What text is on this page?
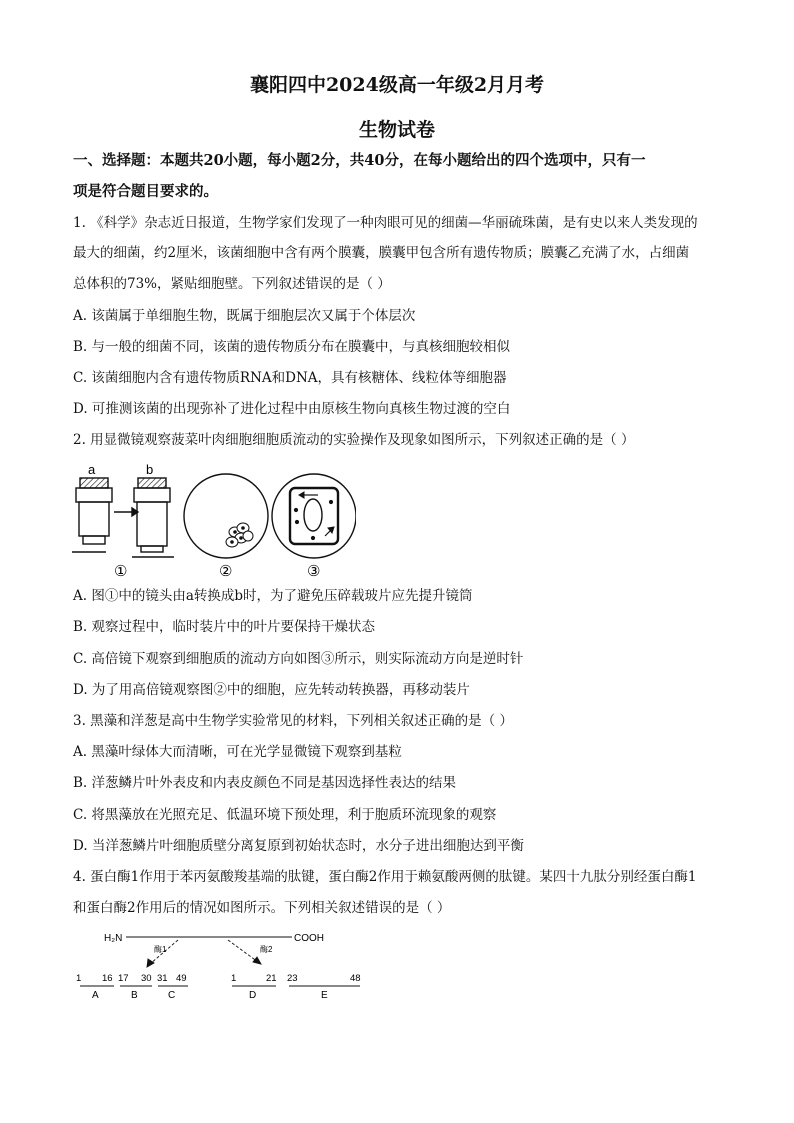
襄阳四中2024级高一年级2月月考
生物试卷
一、选择题：本题共20小题，每小题2分，共40分，在每小题给出的四个选项中，只有一
项是符合题目要求的。
1. 《科学》杂志近日报道，生物学家们发现了一种肉眼可见的细菌—华丽硫珠菌，是有史以来人类发现的
最大的细菌，约2厘米，该菌细胞中含有两个膜囊，膜囊甲包含所有遗传物质；膜囊乙充满了水，占细菌
总体积的73%，紧贴细胞壁。下列叙述错误的是（ ）
A. 该菌属于单细胞生物，既属于细胞层次又属于个体层次
B. 与一般的细菌不同，该菌的遗传物质分布在膜囊中，与真核细胞较相似
C. 该菌细胞内含有遗传物质RNA和DNA，具有核糖体、线粒体等细胞器
D. 可推测该菌的出现弥补了进化过程中由原核生物向真核生物过渡的空白
2. 用显微镜观察菠菜叶肉细胞细胞质流动的实验操作及现象如图所示，下列叙述正确的是（ ）
a	b
①	②	③
A. 图①中的镜头由a转换成b时，为了避免压碎载玻片应先提升镜筒
B. 观察过程中，临时装片中的叶片要保持干燥状态
C. 高倍镜下观察到细胞质的流动方向如图③所示，则实际流动方向是逆时针
D. 为了用高倍镜观察图②中的细胞，应先转动转换器，再移动装片
3. 黑藻和洋葱是高中生物学实验常见的材料，下列相关叙述正确的是（ ）
A. 黑藻叶绿体大而清晰，可在光学显微镜下观察到基粒
B. 洋葱鳞片叶外表皮和内表皮颜色不同是基因选择性表达的结果
C. 将黑藻放在光照充足、低温环境下预处理，利于胞质环流现象的观察
D. 当洋葱鳞片叶细胞质壁分离复原到初始状态时，水分子进出细胞达到平衡
4. 蛋白酶1作用于苯丙氨酸羧基端的肽键，蛋白酶2作用于赖氨酸两侧的肽键。某四十九肽分别经蛋白酶1
和蛋白酶2作用后的情况如图所示。下列相关叙述错误的是（ ）
H₂N	COOH
酶1	酶2
1 16 17 30 31 49	1	21 23	48
A	B	C	D	E
